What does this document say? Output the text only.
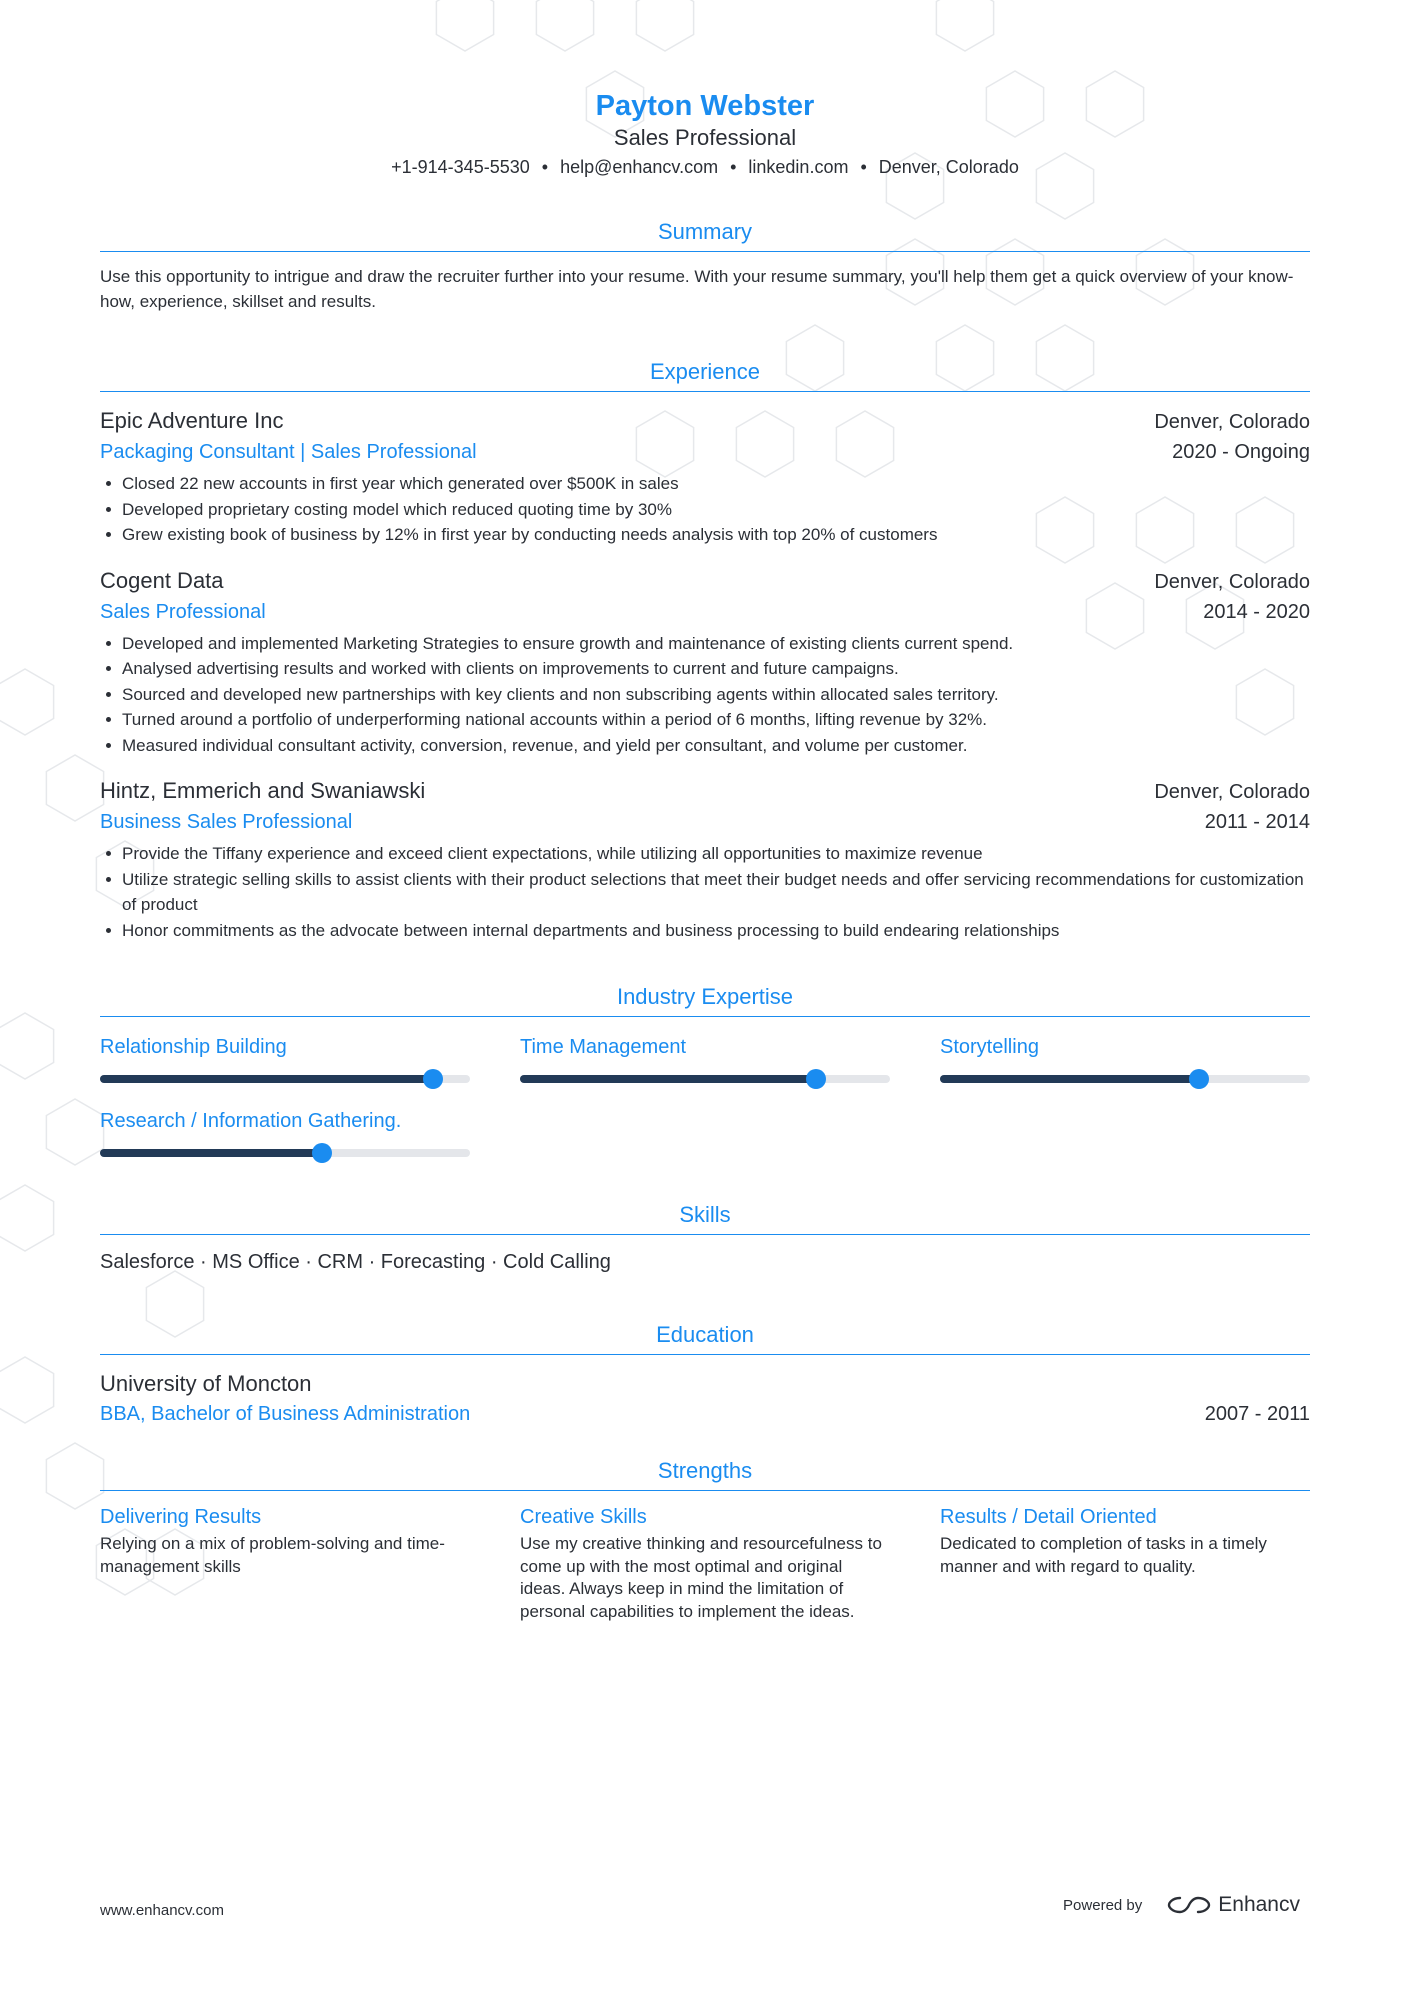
Payton Webster
Sales Professional
+1-914-345-5530 • help@enhancv.com • linkedin.com • Denver, Colorado
Summary
Use this opportunity to intrigue and draw the recruiter further into your resume. With your resume summary, you'll help them get a quick overview of your know-how, experience, skillset and results.
Experience
Epic Adventure Inc	Denver, Colorado
Packaging Consultant | Sales Professional	2020 - Ongoing
Closed 22 new accounts in first year which generated over $500K in sales
Developed proprietary costing model which reduced quoting time by 30%
Grew existing book of business by 12% in first year by conducting needs analysis with top 20% of customers
Cogent Data	Denver, Colorado
Sales Professional	2014 - 2020
Developed and implemented Marketing Strategies to ensure growth and maintenance of existing clients current spend.
Analysed advertising results and worked with clients on improvements to current and future campaigns.
Sourced and developed new partnerships with key clients and non subscribing agents within allocated sales territory.
Turned around a portfolio of underperforming national accounts within a period of 6 months, lifting revenue by 32%.
Measured individual consultant activity, conversion, revenue, and yield per consultant, and volume per customer.
Hintz, Emmerich and Swaniawski	Denver, Colorado
Business Sales Professional	2011 - 2014
Provide the Tiffany experience and exceed client expectations, while utilizing all opportunities to maximize revenue
Utilize strategic selling skills to assist clients with their product selections that meet their budget needs and offer servicing recommendations for customization of product
Honor commitments as the advocate between internal departments and business processing to build endearing relationships
Industry Expertise
Relationship Building	Time Management	Storytelling
Research / Information Gathering.
Skills
Salesforce · MS Office · CRM · Forecasting · Cold Calling
Education
University of Moncton
BBA, Bachelor of Business Administration	2007 - 2011
Strengths
Delivering Results
Relying on a mix of problem-solving and time-management skills
Creative Skills
Use my creative thinking and resourcefulness to come up with the most optimal and original ideas. Always keep in mind the limitation of personal capabilities to implement the ideas.
Results / Detail Oriented
Dedicated to completion of tasks in a timely manner and with regard to quality.
www.enhancv.com	Powered by	Enhancv
